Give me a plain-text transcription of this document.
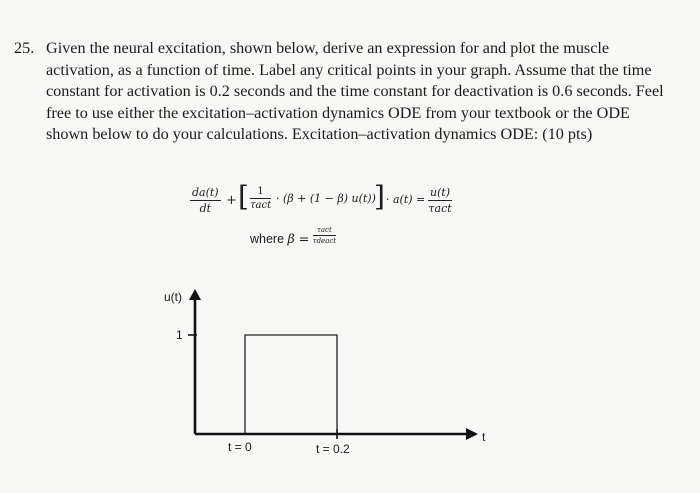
25. Given the neural excitation, shown below, derive an expression for and plot the muscle activation, as a function of time. Label any critical points in your graph. Assume that the time constant for activation is 0.2 seconds and the time constant for deactivation is 0.6 seconds. Feel free to use either the excitation–activation dynamics ODE from your textbook or the ODE shown below to do your calculations. Excitation–activation dynamics ODE: (10 pts)
$\frac{da(t)}{dt}$ + [ 1
τact
· (β + (1 − β) u(t))
] · a(t) =
u(t)
τact
where $\beta = \frac{\text{τact}}{\text{τdeact}}$
u(t)
1
t
t = 0	t = 0.2
